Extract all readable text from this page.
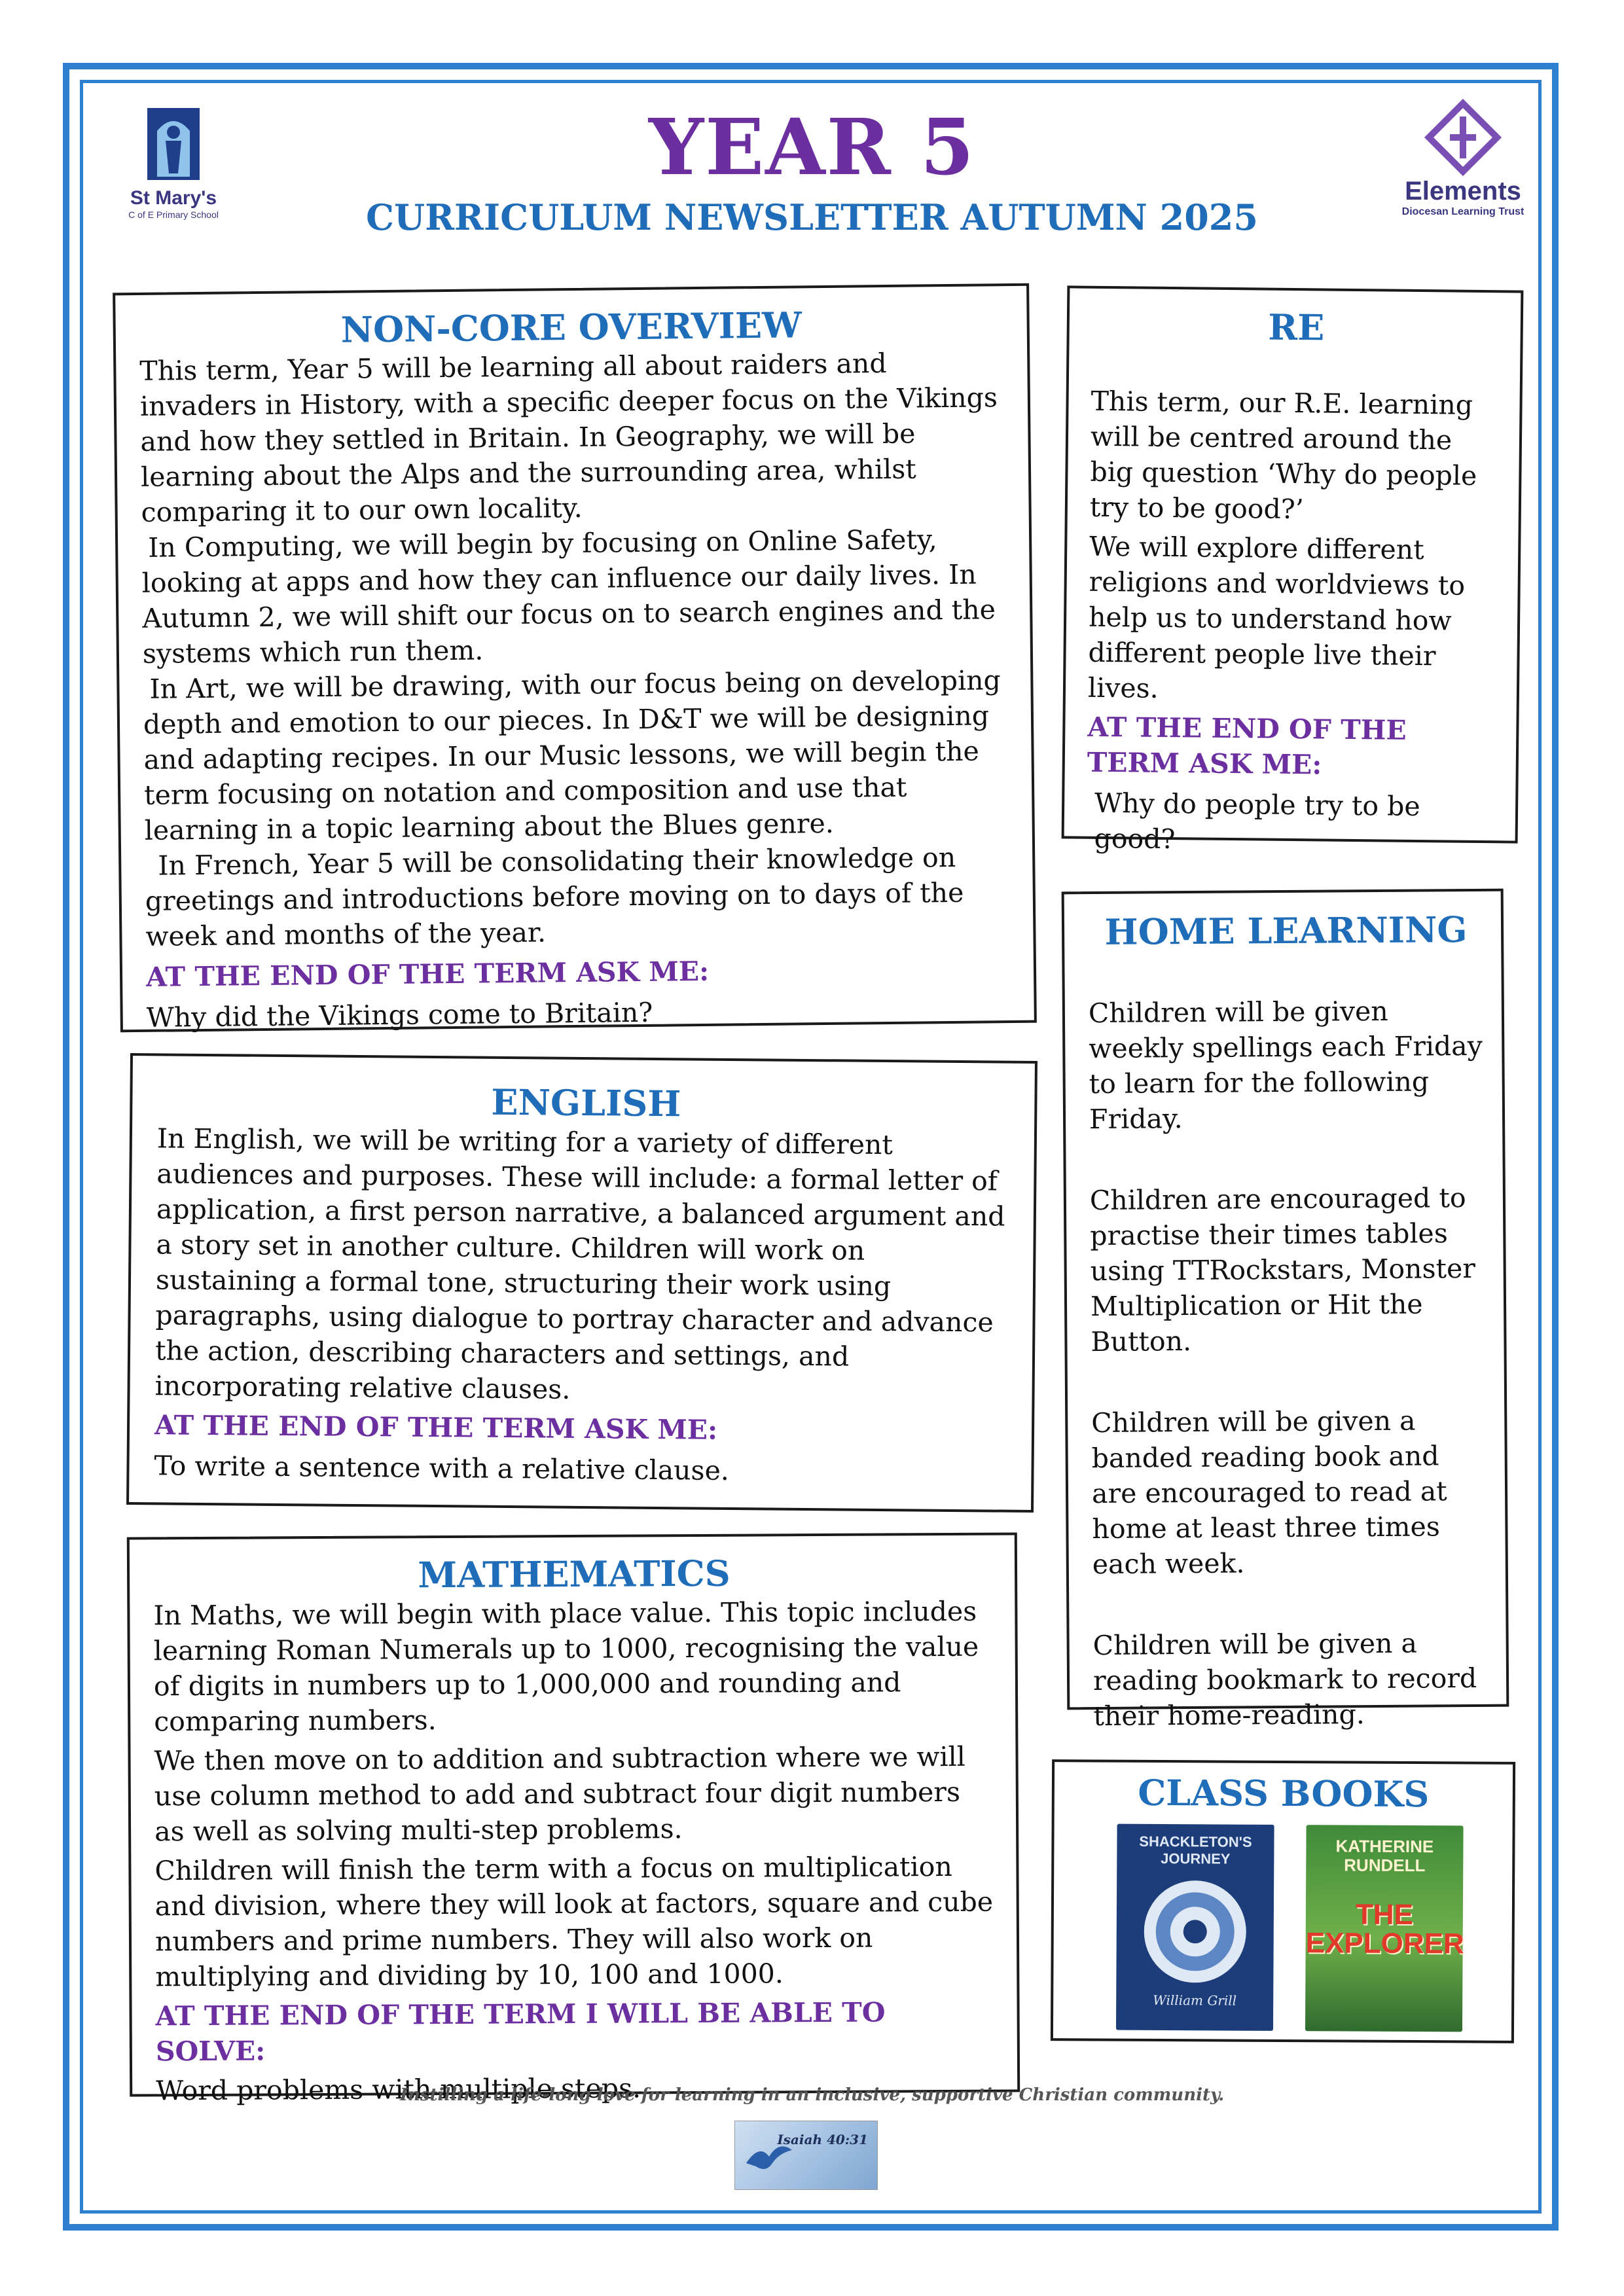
St Mary's
C of E Primary School
Elements
Diocesan Learning Trust
YEAR 5
CURRICULUM NEWSLETTER AUTUMN 2025
NON-CORE OVERVIEW

This term, Year 5 will be learning all about raiders and invaders in History, with a specific deeper focus on the Vikings and how they settled in Britain. In Geography, we will be learning about the Alps and the surrounding area, whilst comparing it to our own locality.

In Computing, we will begin by focusing on Online Safety, looking at apps and how they can influence our daily lives. In Autumn 2, we will shift our focus on to search engines and the systems which run them.

In Art, we will be drawing, with our focus being on developing depth and emotion to our pieces. In D&T we will be designing and adapting recipes. In our Music lessons, we will begin the term focusing on notation and composition and use that learning in a topic learning about the Blues genre.

In French, Year 5 will be consolidating their knowledge on greetings and introductions before moving on to days of the week and months of the year.

AT THE END OF THE TERM ASK ME:

Why did the Vikings come to Britain?

RE

This term, our R.E. learning will be centred around the big question ‘Why do people try to be good?’

We will explore different religions and worldviews to help us to understand how different people live their lives.

AT THE END OF THE TERM ASK ME:

Why do people try to be good?

ENGLISH

In English, we will be writing for a variety of different audiences and purposes. These will include: a formal letter of application, a first person narrative, a balanced argument and a story set in another culture. Children will work on sustaining a formal tone, structuring their work using paragraphs, using dialogue to portray character and advance the action, describing characters and settings, and incorporating relative clauses.

AT THE END OF THE TERM ASK ME:

To write a sentence with a relative clause.

HOME LEARNING

Children will be given weekly spellings each Friday to learn for the following Friday.

Children are encouraged to practise their times tables using TTRockstars, Monster Multiplication or Hit the Button.

Children will be given a banded reading book and are encouraged to read at home at least three times each week.

Children will be given a reading bookmark to record their home-reading.

MATHEMATICS

In Maths, we will begin with place value. This topic includes learning Roman Numerals up to 1000, recognising the value of digits in numbers up to 1,000,000 and rounding and comparing numbers.

We then move on to addition and subtraction where we will use column method to add and subtract four digit numbers as well as solving multi-step problems.

Children will finish the term with a focus on multiplication and division, where they will look at factors, square and cube numbers and prime numbers. They will also work on multiplying and dividing by 10, 100 and 1000.

AT THE END OF THE TERM I WILL BE ABLE TO SOLVE:

Word problems with multiple steps.

CLASS BOOKS
SHACKLETON'S JOURNEY
William Grill
KATHERINE RUNDELL
THE EXPLORER
Instilling a life-long love for learning in an inclusive, supportive Christian community.
Isaiah 40:31
